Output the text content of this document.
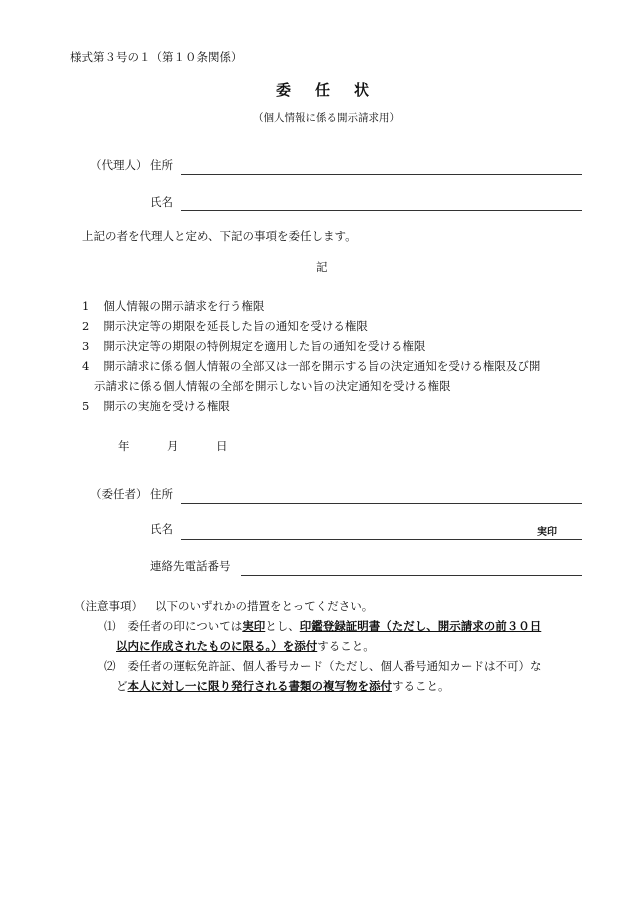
様式第３号の１（第１０条関係）
委 任 状
（個人情報に係る開示請求用）
（代理人） 住所
氏名
上記の者を代理人と定め、下記の事項を委任します。
記
1 個人情報の開示請求を行う権限
2 開示決定等の期限を延長した旨の通知を受ける権限
3 開示決定等の期限の特例規定を適用した旨の通知を受ける権限
4 開示請求に係る個人情報の全部又は一部を開示する旨の決定通知を受ける権限及び開
示請求に係る個人情報の全部を開示しない旨の決定通知を受ける権限
5 開示の実施を受ける権限
年	月	日
（委任者） 住所
氏名	実印
連絡先電話番号
（注意事項） 以下のいずれかの措置をとってください。
⑴ 委任者の印については実印とし、印鑑登録証明書（ただし、開示請求の前３０日
以内に作成されたものに限る。）を添付すること。
⑵ 委任者の運転免許証、個人番号カード（ただし、個人番号通知カードは不可）な
ど本人に対し一に限り発行される書類の複写物を添付すること。
